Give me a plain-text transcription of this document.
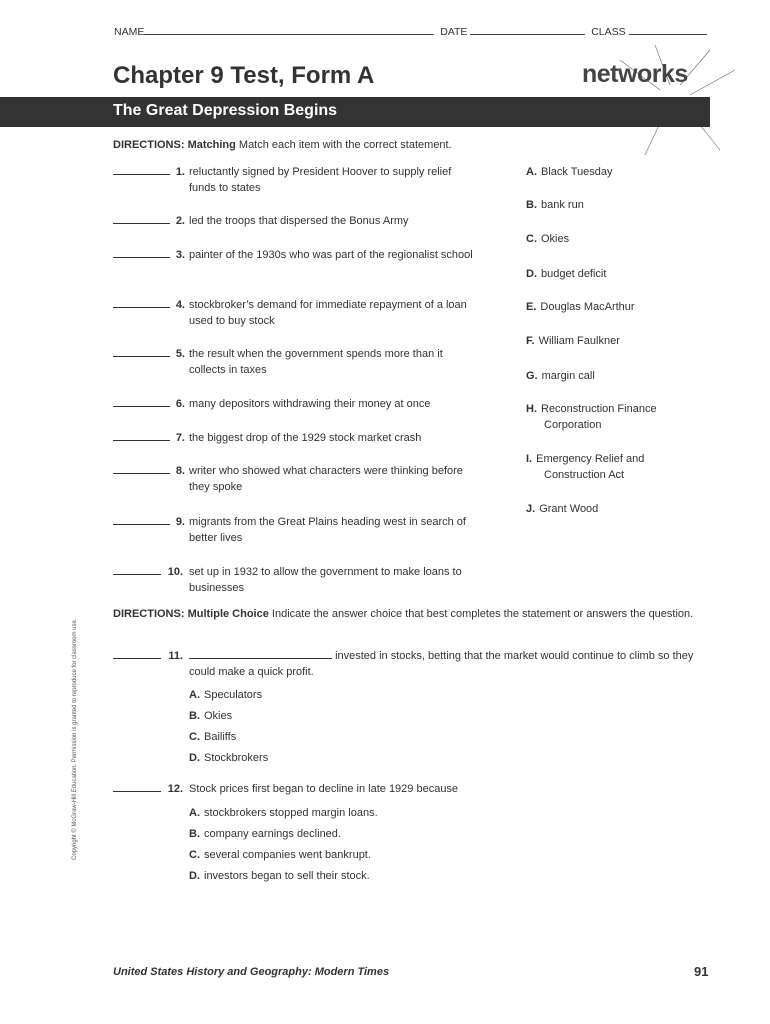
NAME	DATE	CLASS
Chapter 9 Test, Form A	networks
The Great Depression Begins
DIRECTIONS: Matching Match each item with the correct statement.
1. reluctantly signed by President Hoover to supply relief funds to states
2. led the troops that dispersed the Bonus Army
3. painter of the 1930s who was part of the regionalist school
4. stockbroker’s demand for immediate repayment of a loan used to buy stock
5. the result when the government spends more than it collects in taxes
6. many depositors withdrawing their money at once
7. the biggest drop of the 1929 stock market crash
8. writer who showed what characters were thinking before they spoke
9. migrants from the Great Plains heading west in search of better lives
10. set up in 1932 to allow the government to make loans to businesses
A. Black Tuesday
B. bank run
C. Okies
D. budget deficit
E. Douglas MacArthur
F. William Faulkner
G. margin call
H. Reconstruction Finance
Corporation
I. Emergency Relief and
Construction Act
J. Grant Wood
DIRECTIONS: Multiple Choice Indicate the answer choice that best completes the statement or answers the question.
11.	invested in stocks, betting that the market would continue to climb so they could make a quick profit.
A. Speculators
B. Okies
C. Bailiffs
D. Stockbrokers
12. Stock prices first began to decline in late 1929 because
A. stockbrokers stopped margin loans.
B. company earnings declined.
C. several companies went bankrupt.
D. investors began to sell their stock.
Copyright © McGraw-Hill Education. Permission is granted to reproduce for classroom use.
United States History and Geography: Modern Times	91
